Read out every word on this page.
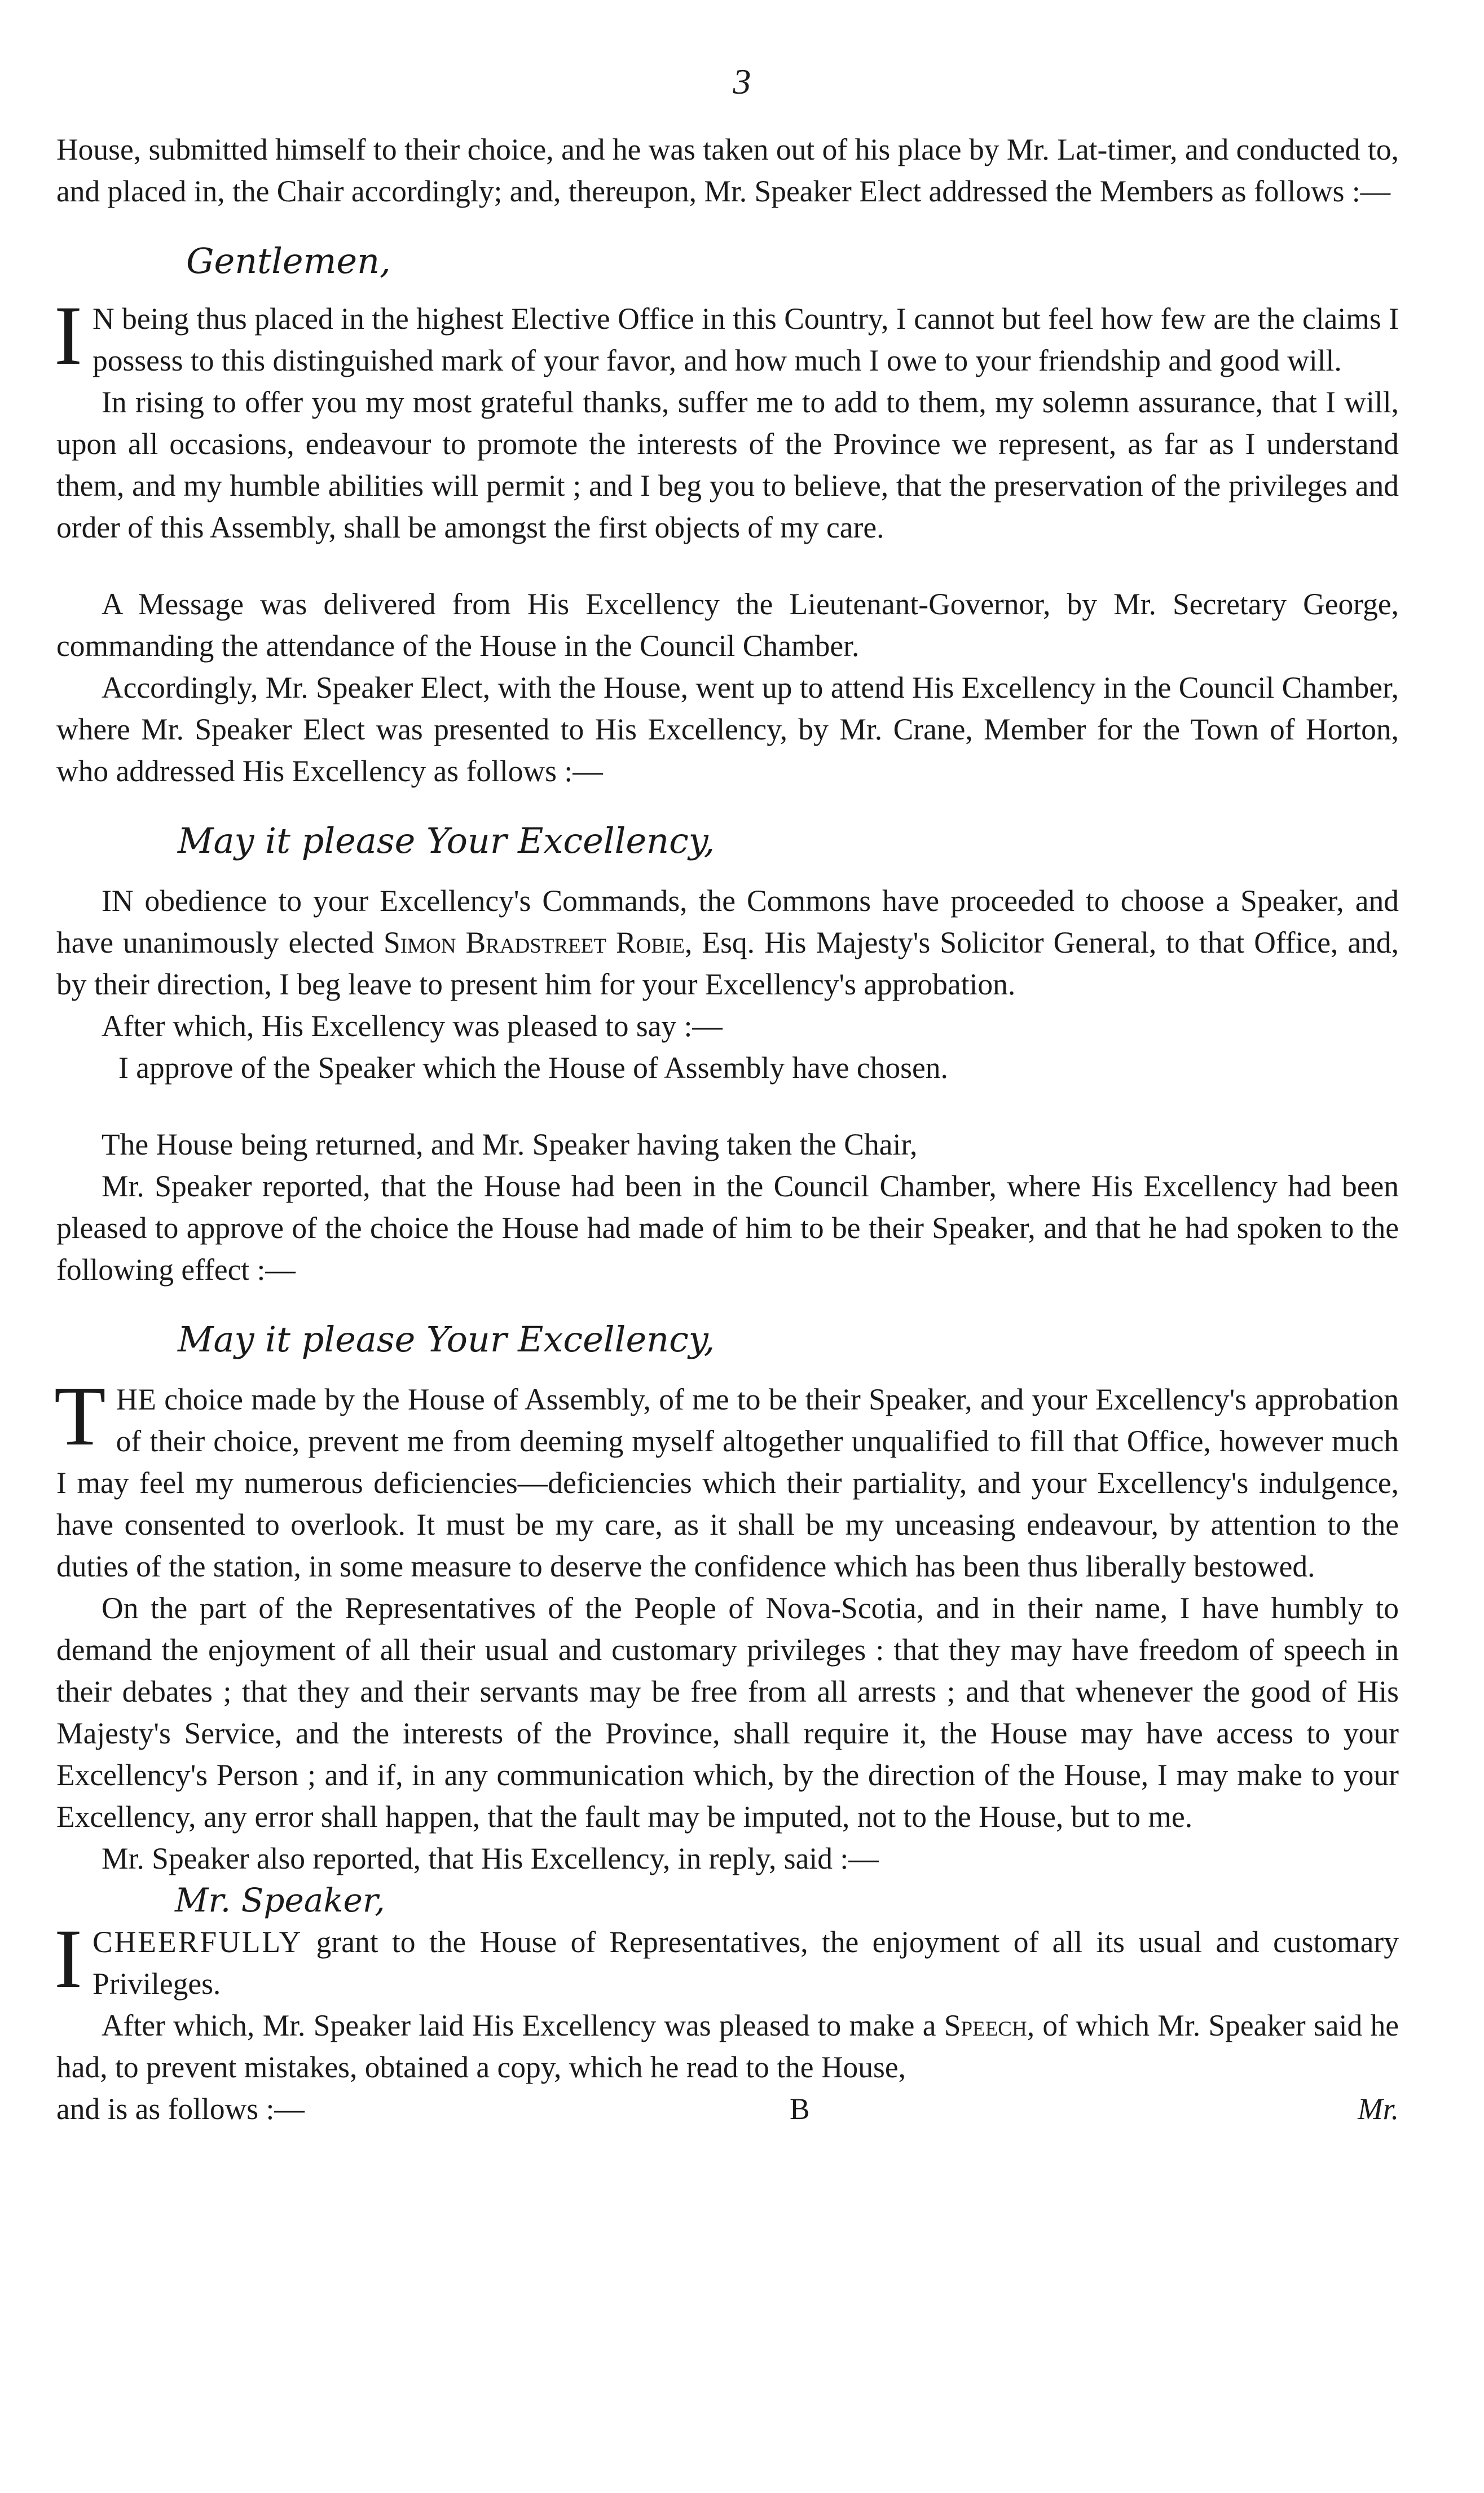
3

House, submitted himself to their choice, and he was taken out of his place by Mr. Lat-timer, and conducted to, and placed in, the Chair accordingly; and, thereupon, Mr. Speaker Elect addressed the Members as follows :—

Gentlemen,

I N being thus placed in the highest Elective Office in this Country, I cannot but feel how few are the claims I possess to this distinguished mark of your favor, and how much I owe to your friendship and good will.

In rising to offer you my most grateful thanks, suffer me to add to them, my solemn assurance, that I will, upon all occasions, endeavour to promote the interests of the Province we represent, as far as I understand them, and my humble abilities will permit ; and I beg you to believe, that the preservation of the privileges and order of this Assembly, shall be amongst the first objects of my care.

A Message was delivered from His Excellency the Lieutenant-Governor, by Mr. Secretary George, commanding the attendance of the House in the Council Chamber.

Accordingly, Mr. Speaker Elect, with the House, went up to attend His Excellency in the Council Chamber, where Mr. Speaker Elect was presented to His Excellency, by Mr. Crane, Member for the Town of Horton, who addressed His Excellency as follows :—

May it please Your Excellency,

IN obedience to your Excellency's Commands, the Commons have proceeded to choose a Speaker, and have unanimously elected Simon Bradstreet Robie, Esq. His Majesty's Solicitor General, to that Office, and, by their direction, I beg leave to present him for your Excellency's approbation.

After which, His Excellency was pleased to say :—

I approve of the Speaker which the House of Assembly have chosen.

The House being returned, and Mr. Speaker having taken the Chair,

Mr. Speaker reported, that the House had been in the Council Chamber, where His Excellency had been pleased to approve of the choice the House had made of him to be their Speaker, and that he had spoken to the following effect :—

May it please Your Excellency,

THE choice made by the House of Assembly, of me to be their Speaker, and your Excellency's approbation of their choice, prevent me from deeming myself altogether unqualified to fill that Office, however much I may feel my numerous deficiencies—deficiencies which their partiality, and your Excellency's indulgence, have consented to overlook. It must be my care, as it shall be my unceasing endeavour, by attention to the duties of the station, in some measure to deserve the confidence which has been thus liberally bestowed.

On the part of the Representatives of the People of Nova-Scotia, and in their name, I have humbly to demand the enjoyment of all their usual and customary privileges : that they may have freedom of speech in their debates ; that they and their servants may be free from all arrests ; and that whenever the good of His Majesty's Service, and the interests of the Province, shall require it, the House may have access to your Excellency's Person ; and if, in any communication which, by the direction of the House, I may make to your Excellency, any error shall happen, that the fault may be imputed, not to the House, but to me.

Mr. Speaker also reported, that His Excellency, in reply, said :—

Mr. Speaker,

ICHEERFULLY grant to the House of Representatives, the enjoyment of all its usual and customary Privileges.

After which, Mr. Speaker laid His Excellency was pleased to make a Speech, of which Mr. Speaker said he had, to prevent mistakes, obtained a copy, which he read to the House,

and is as follows :—	B	Mr.
